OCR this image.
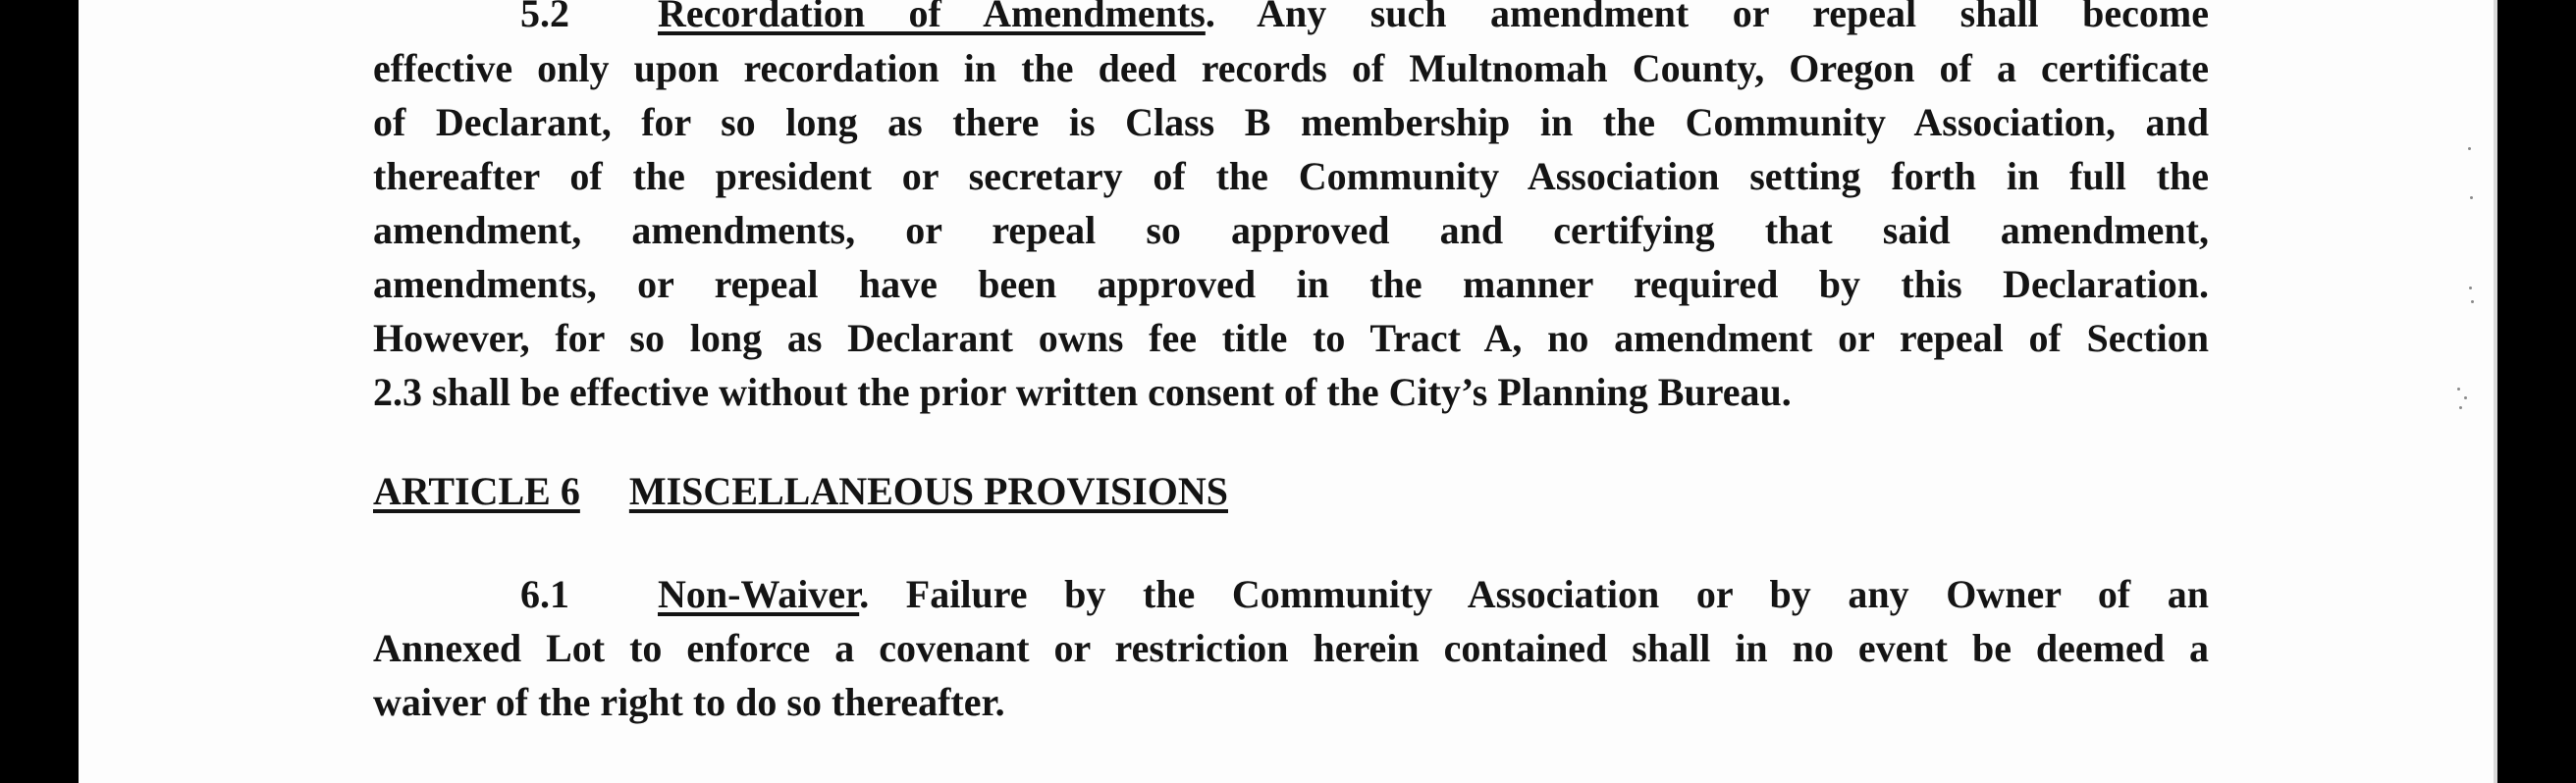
5.2 Recordation of Amendments. Any such amendment or repeal shall become

effective only upon recordation in the deed records of Multnomah County, Oregon of a certificate

of Declarant, for so long as there is Class B membership in the Community Association, and

thereafter of the president or secretary of the Community Association setting forth in full the

amendment, amendments, or repeal so approved and certifying that said amendment,

amendments, or repeal have been approved in the manner required by this Declaration.

However, for so long as Declarant owns fee title to Tract A, no amendment or repeal of Section

2.3 shall be effective without the prior written consent of the City’s Planning Bureau.

ARTICLE 6 MISCELLANEOUS PROVISIONS

6.1 Non-Waiver. Failure by the Community Association or by any Owner of an

Annexed Lot to enforce a covenant or restriction herein contained shall in no event be deemed a

waiver of the right to do so thereafter.
